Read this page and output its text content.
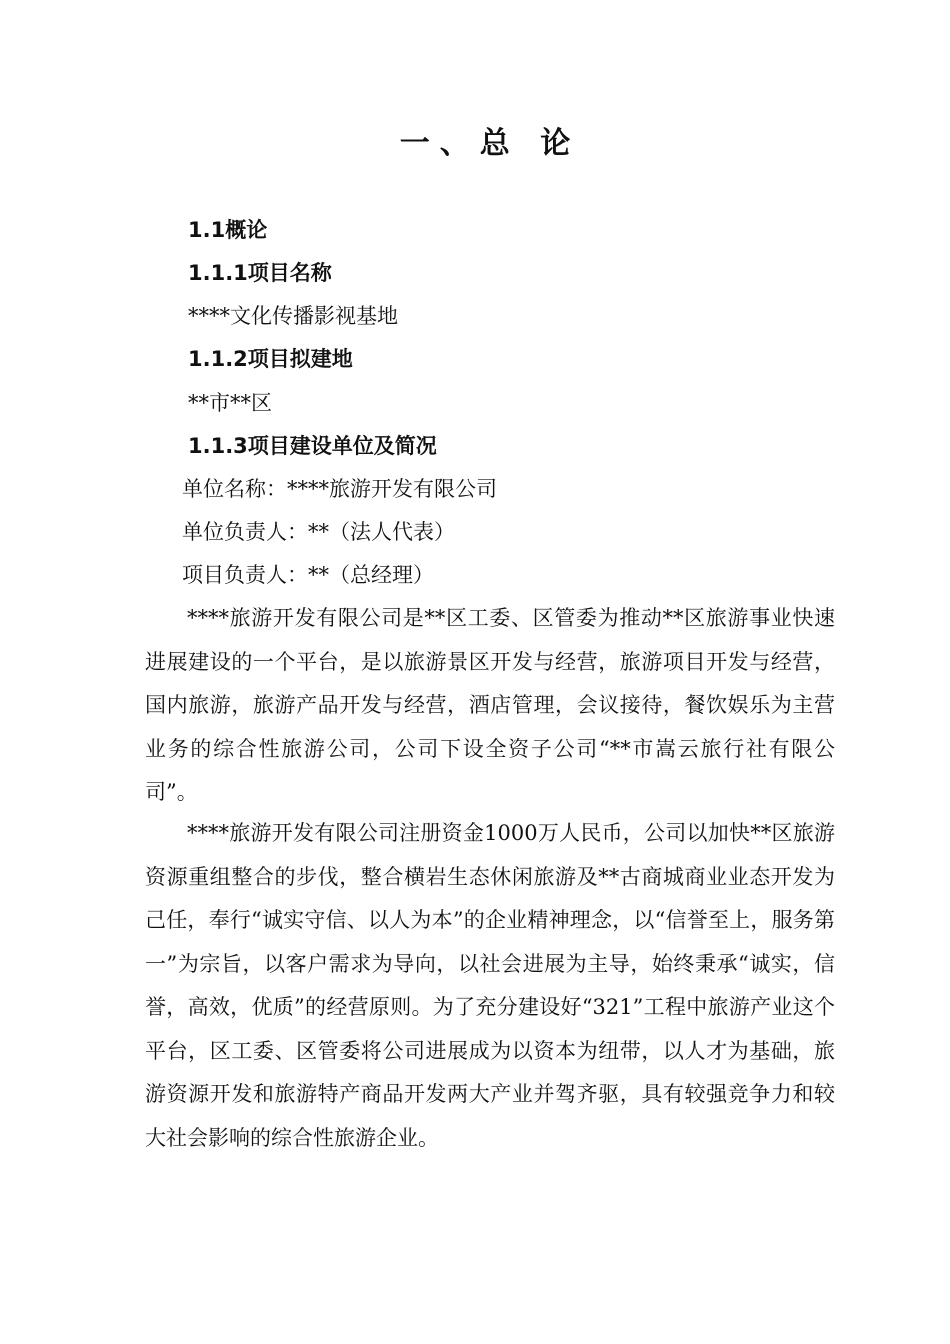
一、总 论
1.1概论
1.1.1项目名称
****文化传播影视基地
1.1.2项目拟建地
**市**区
1.1.3项目建设单位及简况
单位名称：****旅游开发有限公司
单位负责人：**（法人代表）
项目负责人：**（总经理）
****旅游开发有限公司是**区工委、区管委为推动**区旅游事业快速进展建设的一个平台，是以旅游景区开发与经营，旅游项目开发与经营，国内旅游，旅游产品开发与经营，酒店管理，会议接待，餐饮娱乐为主营业务的综合性旅游公司，公司下设全资子公司“**市嵩云旅行社有限公司”。
****旅游开发有限公司注册资金1000万人民币，公司以加快**区旅游资源重组整合的步伐，整合横岩生态休闲旅游及**古商城商业业态开发为己任，奉行“诚实守信、以人为本”的企业精神理念，以“信誉至上，服务第一”为宗旨，以客户需求为导向，以社会进展为主导，始终秉承“诚实，信誉，高效，优质”的经营原则。为了充分建设好“321”工程中旅游产业这个平台，区工委、区管委将公司进展成为以资本为纽带，以人才为基础，旅游资源开发和旅游特产商品开发两大产业并驾齐驱，具有较强竞争力和较大社会影响的综合性旅游企业。
